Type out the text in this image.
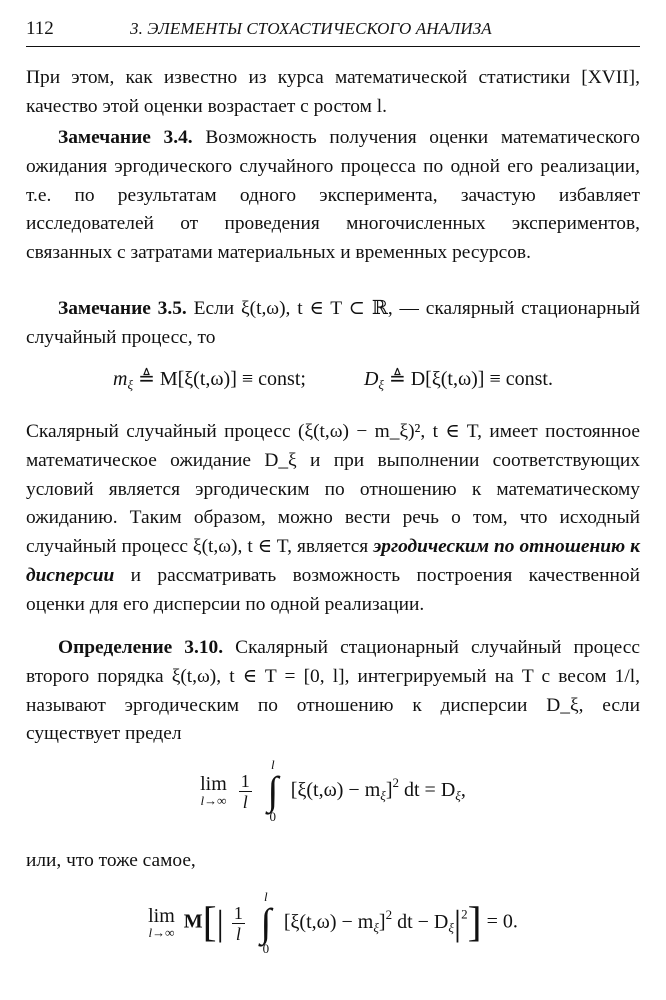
112	3. ЭЛЕМЕНТЫ СТОХАСТИЧЕСКОГО АНАЛИЗА
При этом, как известно из курса математической статистики [XVII], качество этой оценки возрастает с ростом l.
Замечание 3.4. Возможность получения оценки математического ожидания эргодического случайного процесса по одной его реализации, т.е. по результатам одного эксперимента, зачастую избавляет исследователей от проведения многочисленных экспериментов, связанных с затратами материальных и временных ресурсов.
Замечание 3.5. Если ξ(t,ω), t ∈ T ⊂ ℝ, — скалярный стационарный случайный процесс, то
$m_\xi$ ≜ M[ξ(t,ω)] ≡ const;	$D_\xi$ ≜ D[ξ(t,ω)] ≡ const.
Скалярный случайный процесс (ξ(t,ω) − m_ξ)², t ∈ T, имеет постоянное математическое ожидание D_ξ и при выполнении соответствующих условий является эргодическим по отношению к математическому ожиданию. Таким образом, можно вести речь о том, что исходный случайный процесс ξ(t,ω), t ∈ T, является эргодическим по отношению к дисперсии и рассматривать возможность построения качественной оценки для его дисперсии по одной реализации.
Определение 3.10. Скалярный стационарный случайный процесс второго порядка ξ(t,ω), t ∈ T = [0, l], интегрируемый на T с весом 1/l, называют эргодическим по отношению к дисперсии D_ξ, если существует предел
lim
l→∞
$\frac{1}{l}$

l
∫
0
$[\xi(t,\omega) - m_\xi]^2$ dt = $D_\xi$,
или, что тоже самое,
lim
l→∞ $M[| \frac{1}{l}$

l
∫
0
$[\xi(t,\omega) - m_\xi]^2$ dt − $D_\xi|^2] = 0$.
